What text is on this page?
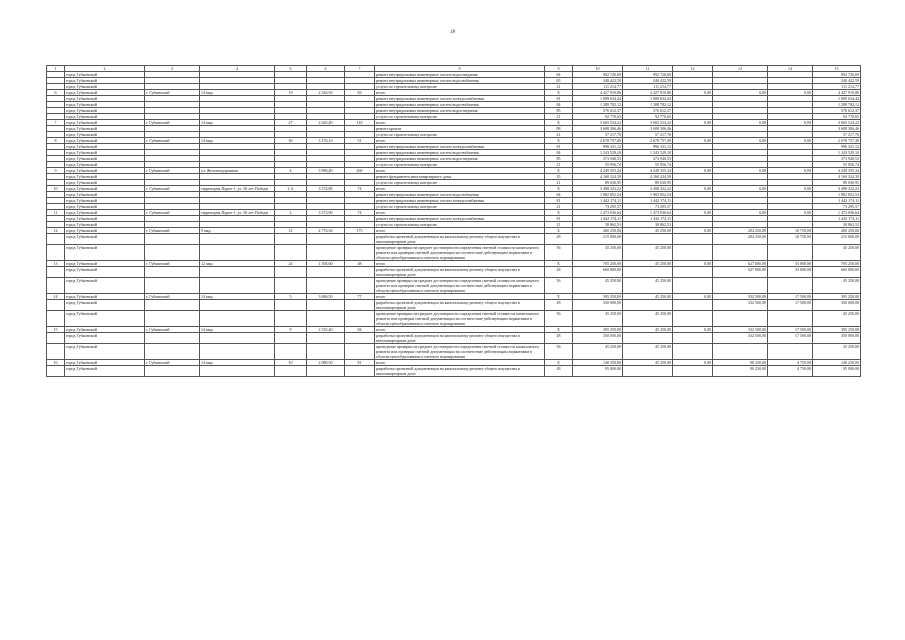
18
1	2	3	4	5	6	7	8	9	10	11	12	13	14	15
	город Губкинский						ремонт внутридомовых инженерных систем водоотведения	84	992 726,69	992 726,69				992 726,69
	город Губкинский						ремонт внутридомовых инженерных систем водоснабжения	85	240 422,59	240 422,59				240 422,59
	город Губкинский						услуги по строительному контролю	21	111 214,77	111 214,77				111 214,77
6	город Губкинский	г. Губкинский	14 мкр.	19	2 326,50	83	итого	X	4 427 910,86	4 427 910,86	0,00	0,00	0,00	4 427 910,86
	город Губкинский						ремонт внутридомовых инженерных систем электроснабжения	81	1 809 634,44	1 809 634,44				1 809 634,44
	город Губкинский						ремонт внутридомовых инженерных систем водоснабжения	84	1 288 782,12	1 288 782,12				1 288 782,12
	город Губкинский						ремонт внутридомовых инженерных систем водоотведения	85	576 612,37	576 612,37				576 612,37
	город Губкинский						услуги по строительному контролю	21	92 770,65	92 770,65				92 770,65
7	город Губкинский	г. Губкинский	14 мкр.	27	2 645,40	143	итого	X	3 665 524,22	3 665 524,22	0,00	0,00	0,00	3 665 524,22
	город Губкинский						ремонт кровли	88	3 608 306,46	3 608 306,46				3 608 306,46
	город Губкинский						услуги по строительному контролю	21	57 217,76	57 217,76				57 217,76
8	город Губкинский	г. Губкинский	14 мкр.	30	3 176,10	51	итого	X	2 678 757,49	2 678 757,49	0,00	0,00	0,00	2 678 757,49
	город Губкинский						ремонт внутридомовых инженерных систем электроснабжения	81	996 331,12	996 331,12				996 331,12
	город Губкинский						ремонт внутридомовых инженерных систем водоснабжения	84	1 243 529,10	1 243 529,10				1 243 529,10
	город Губкинский						ремонт внутридомовых инженерных систем водоотведения	85	373 940,53	373 940,53				373 940,53
	город Губкинский						услуги по строительному контролю	21	55 956,74	55 956,74				55 956,74
9	город Губкинский	г. Губкинский	ул. Железнодорожная	4	5 996,40	260	итого	X	4 249 355,34	4 249 355,34	0,00	0,00	0,00	4 249 355,34
	город Губкинский						ремонт фундамента многоквартирного дома	35	4 160 324,39	4 160 324,39				4 160 324,39
	город Губкинский						услуги по строительному контролю	21	89 030,95	89 030,95				89 030,95
10	город Губкинский	г. Губкинский	территория Пурпе-1, ул. 50 лет Победы	2 А	3 574,80	74	итого	X	3 498 322,22	3 498 322,22	0,00	0,00	0,00	3 498 322,22
	город Губкинский						ремонт внутридомовых инженерных систем водоснабжения	84	1 982 852,54	1 982 852,54				1 982 852,54
	город Губкинский						ремонт внутридомовых инженерных систем электроснабжения	81	1 442 174,11	1 442 174,11				1 442 174,11
	город Губкинский						услуги по строительному контролю	21	73 295,57	73 295,57				73 295,57
11	город Губкинский	г. Губкинский	территория Пурпе-1, ул. 50 лет Победы	2	3 573,90	74	итого	X	1 473 036,64	1 473 036,64	0,00	0,00	0,00	1 473 036,64
	город Губкинский						ремонт внутридомовых инженерных систем электроснабжения	81	1 442 174,11	1 442 174,11				1 442 174,11
	город Губкинский						услуги по строительному контролю	21	30 862,53	30 862,53				30 862,53
12	город Губкинский	г. Губкинский	9 мкр.	12	4 776,30	175	итого	X	260 250,00	45 250,00	0,00	204 250,00	10 750,00	260 250,00
	город Губкинский						разработка проектной документации на капитальному ремонту общего имущества в многоквартирном доме	28	215 000,00			204 250,00	10 750,00	215 000,00
	город Губкинский						проведение проверки на предмет достоверности определения сметной стоимости капитального ремонта или проверки сметной документации на соответствие действующим нормативам в области ценообразования и сметного нормирования	56	45 250,00	45 250,00				45 250,00
13	город Губкинский	г. Губкинский	12 мкр.	24	1 394,60	48	итого	X	705 250,00	45 250,00	0,00	627 000,00	33 000,00	705 250,00
	город Губкинский						разработка проектной документации на капитальному ремонту общего имущества в многоквартирном доме	28	660 000,00			627 000,00	33 000,00	660 000,00
	город Губкинский						проведение проверки на предмет достоверности определения сметной стоимости капитального ремонта или проверки сметной документации на соответствие действующим нормативам в области ценообразования и сметного нормирования	56	45 250,00	45 250,00				45 250,00
14	город Губкинский	г. Губкинский	14 мкр.	5	3 686,50	77	итого	X	395 250,00	45 250,00	0,00	332 500,00	17 500,00	395 250,00
	город Губкинский						разработка проектной документации на капитальному ремонту общего имущества в многоквартирном доме	28	350 000,00			332 500,00	17 500,00	350 000,00
	город Губкинский						проведение проверки на предмет достоверности определения сметной стоимости капитального ремонта или проверки сметной документации на соответствие действующим нормативам в области ценообразования и сметного нормирования	56	45 250,00	45 250,00				45 250,00
15	город Губкинский	г. Губкинский	14 мкр.	9	2 335,40	84	итого	X	395 250,00	45 250,00	0,00	332 500,00	17 500,00	395 250,00
	город Губкинский						разработка проектной документации на капитальному ремонту общего имущества в многоквартирном доме	28	350 000,00			332 500,00	17 500,00	350 000,00
	город Губкинский						проведение проверки на предмет достоверности определения сметной стоимости капитального ремонта или проверки сметной документации на соответствие действующим нормативам в области ценообразования и сметного нормирования	56	45 250,00	45 250,00				45 250,00
16	город Губкинский	г. Губкинский	14 мкр.	10	2 080,50	81	итого	X	140 250,00	45 250,00	0,00	90 250,00	4 750,00	140 250,00
	город Губкинский						разработка проектной документации на капитальному ремонту общего имущества в многоквартирном доме	28	95 000,00			90 250,00	4 750,00	95 000,00
